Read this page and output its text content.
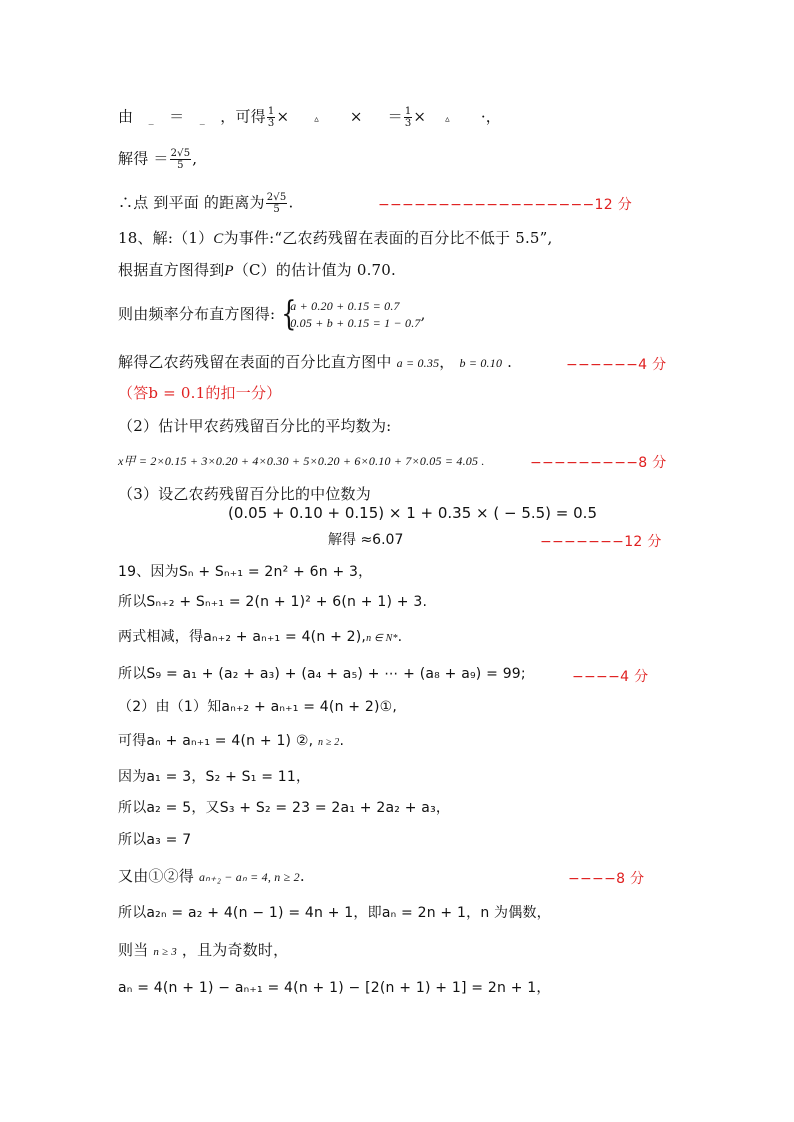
由 _ ＝ _ ，可得 $\frac{1}{3}$ ×	▵ × ＝ $\frac{1}{3}$ × ▵ ·，
解得 ＝ $\frac{2√5}{5}$ ,
∴点 到平面 的距离为 $\frac{2√5}{5}$ .	−−−−−−−−−−−−−−−−−−12 分
18、解:（1）C为事件:“乙农药残留在表面的百分比不低于 5.5”,
根据直方图得到P（C）的估计值为 0.70.
则由频率分布直方图得:
{ a + 0.20 + 0.15 = 0.7
0.05 + b + 0.15 = 1 − 0.7 ,
解得乙农药残留在表面的百分比直方图中 a = 0.35， b = 0.10 .	−−−−−−4 分
（答b = 0.1的扣一分）
（2）估计甲农药残留百分比的平均数为:
x甲 = 2×0.15 + 3×0.20 + 4×0.30 + 5×0.20 + 6×0.10 + 7×0.05 = 4.05 .	−−−−−−−−−8 分
（3）设乙农药残留百分比的中位数为
(0.05 + 0.10 + 0.15) × 1 + 0.35 × ( − 5.5) = 0.5
解得 ≈6.07	−−−−−−−12 分
19、因为Sₙ + Sₙ₊₁ = 2n² + 6n + 3，
所以Sₙ₊₂ + Sₙ₊₁ = 2(n + 1)² + 6(n + 1) + 3.
两式相减，得aₙ₊₂ + aₙ₊₁ = 4(n + 2),n ∈ N*.
所以S₉ = a₁ + (a₂ + a₃) + (a₄ + a₅) + ⋯ + (a₈ + a₉) = 99;	−−−−4 分
（2）由（1）知aₙ₊₂ + aₙ₊₁ = 4(n + 2)①,
可得aₙ + aₙ₊₁ = 4(n + 1) ②, n ≥ 2.
因为a₁ = 3，S₂ + S₁ = 11，
所以a₂ = 5，又S₃ + S₂ = 23 = 2a₁ + 2a₂ + a₃，
所以a₃ = 7
又由①②得 aₙ₊₂ − aₙ = 4, n ≥ 2.	−−−−8 分
所以a₂ₙ = a₂ + 4(n − 1) = 4n + 1，即aₙ = 2n + 1，n 为偶数，
则当 n ≥ 3 ，且为奇数时，
aₙ = 4(n + 1) − aₙ₊₁ = 4(n + 1) − [2(n + 1) + 1] = 2n + 1，
